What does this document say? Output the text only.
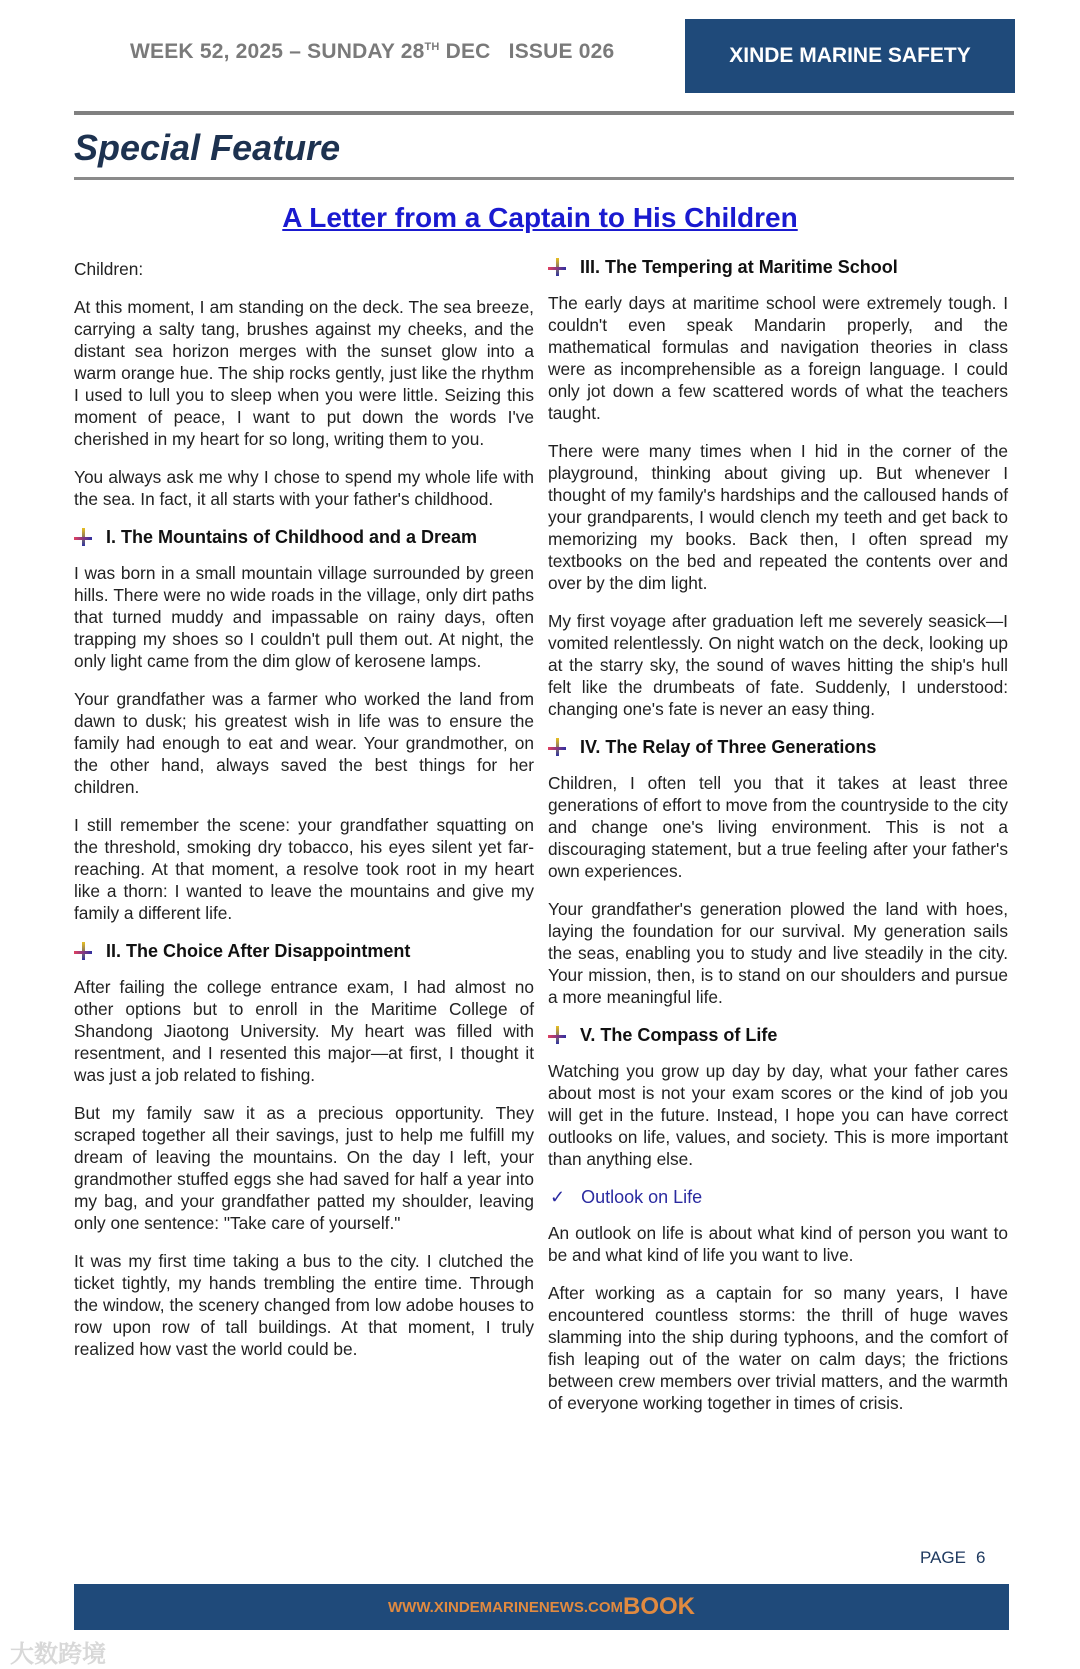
WEEK 52, 2025 – SUNDAY 28TH DEC   ISSUE 026	XINDE MARINE SAFETY
Special Feature
A Letter from a Captain to His Children

Children:

At this moment, I am standing on the deck. The sea breeze, carrying a salty tang, brushes against my cheeks, and the distant sea horizon merges with the sunset glow into a warm orange hue. The ship rocks gently, just like the rhythm I used to lull you to sleep when you were little. Seizing this moment of peace, I want to put down the words I've cherished in my heart for so long, writing them to you.

You always ask me why I chose to spend my whole life with the sea. In fact, it all starts with your father's childhood.

I. The Mountains of Childhood and a Dream

I was born in a small mountain village surrounded by green hills. There were no wide roads in the village, only dirt paths that turned muddy and impassable on rainy days, often trapping my shoes so I couldn't pull them out. At night, the only light came from the dim glow of kerosene lamps.

Your grandfather was a farmer who worked the land from dawn to dusk; his greatest wish in life was to ensure the family had enough to eat and wear. Your grandmother, on the other hand, always saved the best things for her children.

I still remember the scene: your grandfather squatting on the threshold, smoking dry tobacco, his eyes silent yet far-reaching. At that moment, a resolve took root in my heart like a thorn: I wanted to leave the mountains and give my family a different life.

II. The Choice After Disappointment

After failing the college entrance exam, I had almost no other options but to enroll in the Maritime College of Shandong Jiaotong University. My heart was filled with resentment, and I resented this major—at first, I thought it was just a job related to fishing.

But my family saw it as a precious opportunity. They scraped together all their savings, just to help me fulfill my dream of leaving the mountains. On the day I left, your grandmother stuffed eggs she had saved for half a year into my bag, and your grandfather patted my shoulder, leaving only one sentence: "Take care of yourself."

It was my first time taking a bus to the city. I clutched the ticket tightly, my hands trembling the entire time. Through the window, the scenery changed from low adobe houses to row upon row of tall buildings. At that moment, I truly realized how vast the world could be.

III. The Tempering at Maritime School

The early days at maritime school were extremely tough. I couldn't even speak Mandarin properly, and the mathematical formulas and navigation theories in class were as incomprehensible as a foreign language. I could only jot down a few scattered words of what the teachers taught.

There were many times when I hid in the corner of the playground, thinking about giving up. But whenever I thought of my family's hardships and the calloused hands of your grandparents, I would clench my teeth and get back to memorizing my books. Back then, I often spread my textbooks on the bed and repeated the contents over and over by the dim light.

My first voyage after graduation left me severely seasick—I vomited relentlessly. On night watch on the deck, looking up at the starry sky, the sound of waves hitting the ship's hull felt like the drumbeats of fate. Suddenly, I understood: changing one's fate is never an easy thing.

IV. The Relay of Three Generations

Children, I often tell you that it takes at least three generations of effort to move from the countryside to the city and change one's living environment. This is not a discouraging statement, but a true feeling after your father's own experiences.

Your grandfather's generation plowed the land with hoes, laying the foundation for our survival. My generation sails the seas, enabling you to study and live steadily in the city. Your mission, then, is to stand on our shoulders and pursue a more meaningful life.

V. The Compass of Life

Watching you grow up day by day, what your father cares about most is not your exam scores or the kind of job you will get in the future. Instead, I hope you can have correct outlooks on life, values, and society. This is more important than anything else.

✓ Outlook on Life

An outlook on life is about what kind of person you want to be and what kind of life you want to live.

After working as a captain for so many years, I have encountered countless storms: the thrill of huge waves slamming into the ship during typhoons, and the comfort of fish leaping out of the water on calm days; the frictions between crew members over trivial matters, and the warmth of everyone working together in times of crisis.

PAGE 6
WWW.XINDEMARINENEWS.COM BOOK
大数跨境
